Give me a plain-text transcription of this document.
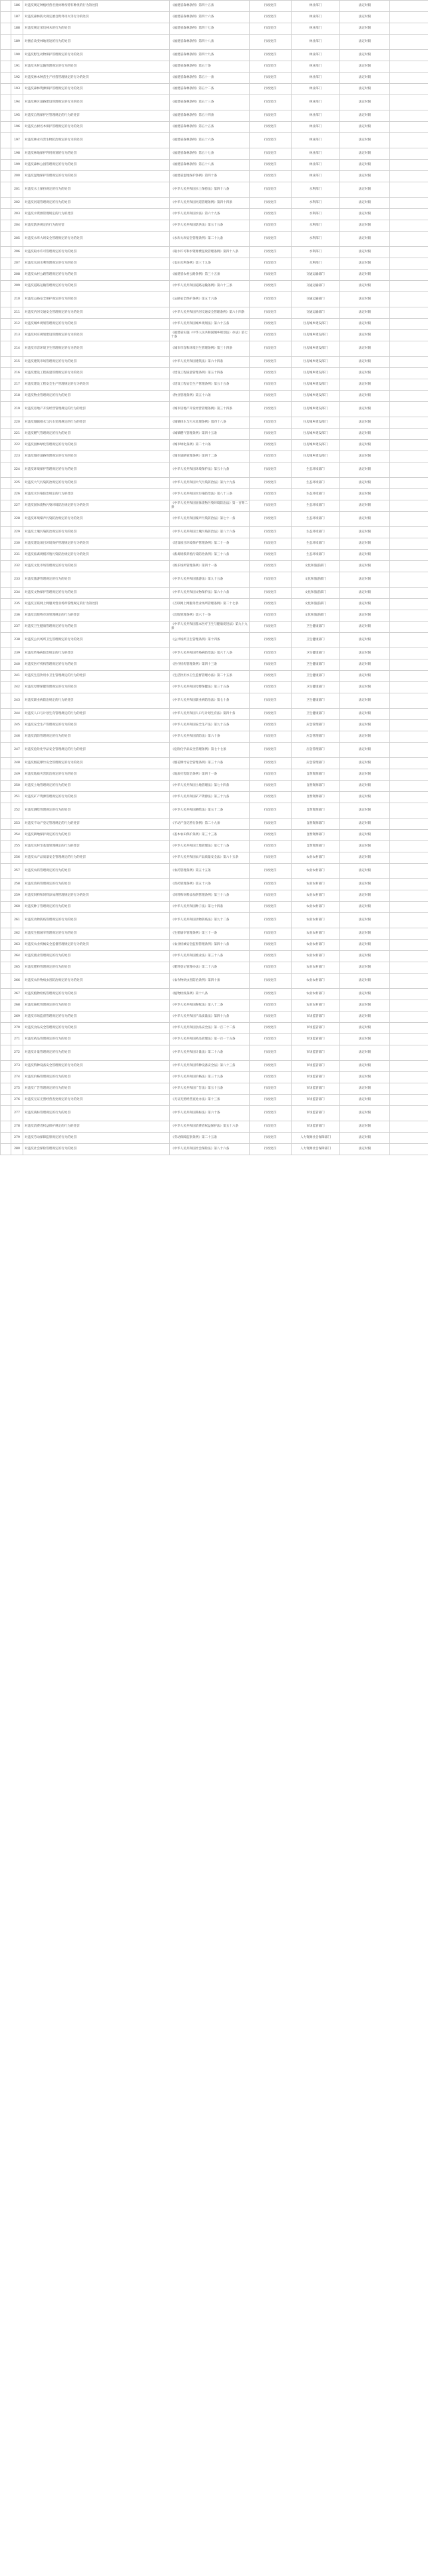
	186	对违反规定种植经营名贵树种及特有种类的行为的处罚	《福建省森林条例》第四十五条	行政处罚	林业部门	法定时限	
	187	对违反森林防火规定擅自野外用火等行为的处罚	《福建省森林条例》第四十六条	行政处罚	林业部门	法定时限	
	188	对违反规定采伐林木的行为的处罚	《福建省森林条例》第四十七条	行政处罚	林业部门	法定时限	
	189	对擅自改变林地用途的行为的处罚	《福建省森林条例》第四十八条	行政处罚	林业部门	法定时限	
	190	对违反野生动物保护管理规定的行为的处罚	《福建省森林条例》第四十九条	行政处罚	林业部门	法定时限	
	191	对违反木材运输管理规定的行为的处罚	《福建省森林条例》第五十条	行政处罚	林业部门	法定时限	
	192	对违反林木种苗生产经营管理规定的行为的处罚	《福建省森林条例》第五十一条	行政处罚	林业部门	法定时限	
	193	对违反森林资源保护管理规定的行为的处罚	《福建省森林条例》第五十二条	行政处罚	林业部门	法定时限	
	194	对违反林区道路建设管理规定的行为的处罚	《福建省森林条例》第五十三条	行政处罚	林业部门	法定时限	
	195	对违反自然保护区管理规定的行为的处罚	《福建省森林条例》第五十四条	行政处罚	林业部门	法定时限	
	196	对违反古树名木保护管理规定的行为的处罚	《福建省森林条例》第五十五条	行政处罚	林业部门	法定时限	
	197	对违反林业有害生物防治规定的行为的处罚	《福建省森林条例》第五十六条	行政处罚	林业部门	法定时限	
	198	对违反林地保护利用规划的行为的处罚	《福建省森林条例》第五十七条	行政处罚	林业部门	法定时限	
	199	对违反森林公园管理规定的行为的处罚	《福建省森林条例》第五十八条	行政处罚	林业部门	法定时限	
	200	对违反湿地保护管理规定的行为的处罚	《福建省湿地保护条例》第四十条	行政处罚	林业部门	法定时限	
	201	对违反水土保持规定的行为的处罚	《中华人民共和国水土保持法》第四十八条	行政处罚	水利部门	法定时限	
	202	对违反河道管理规定的行为的处罚	《中华人民共和国河道管理条例》第四十四条	行政处罚	水利部门	法定时限	
	203	对违反水资源管理规定的行为的处罚	《中华人民共和国水法》第六十九条	行政处罚	水利部门	法定时限	
	204	对违反防洪规定的行为的处罚	《中华人民共和国防洪法》第五十五条	行政处罚	水利部门	法定时限	
	205	对违反水库大坝安全管理规定的行为的处罚	《水库大坝安全管理条例》第二十九条	行政处罚	水利部门	法定时限	
	206	对违反取水许可管理规定的行为的处罚	《取水许可和水资源费征收管理条例》第四十八条	行政处罚	水利部门	法定时限	
	207	对违反农田水利管理规定的行为的处罚	《农田水利条例》第三十九条	行政处罚	水利部门	法定时限	
	208	对违反农村公路管理规定的行为的处罚	《福建省农村公路条例》第三十五条	行政处罚	交通运输部门	法定时限	
	209	对违反道路运输管理规定的行为的处罚	《中华人民共和国道路运输条例》第六十三条	行政处罚	交通运输部门	法定时限	
	210	对违反公路安全保护规定的行为的处罚	《公路安全保护条例》第五十六条	行政处罚	交通运输部门	法定时限	
	211	对违反内河交通安全管理规定的行为的处罚	《中华人民共和国内河交通安全管理条例》第六十四条	行政处罚	交通运输部门	法定时限	
	212	对违反城乡规划管理规定的行为的处罚	《中华人民共和国城乡规划法》第六十五条	行政处罚	住房城乡建设部门	法定时限	
	213	对违反村庄规划建设管理规定的行为的处罚	《福建省实施〈中华人民共和国城乡规划法〉办法》第七十条	行政处罚	住房城乡建设部门	法定时限	
	214	对违反市容环境卫生管理规定的行为的处罚	《城市市容和环境卫生管理条例》第三十四条	行政处罚	住房城乡建设部门	法定时限	
	215	对违反建筑市场管理规定的行为的处罚	《中华人民共和国建筑法》第六十四条	行政处罚	住房城乡建设部门	法定时限	
	216	对违反建设工程质量管理规定的行为的处罚	《建设工程质量管理条例》第五十四条	行政处罚	住房城乡建设部门	法定时限	
	217	对违反建设工程安全生产管理规定的行为的处罚	《建设工程安全生产管理条例》第五十五条	行政处罚	住房城乡建设部门	法定时限	
	218	对违反物业管理规定的行为的处罚	《物业管理条例》第五十六条	行政处罚	住房城乡建设部门	法定时限	
	219	对违反房地产开发经营管理规定的行为的处罚	《城市房地产开发经营管理条例》第三十四条	行政处罚	住房城乡建设部门	法定时限	
	220	对违反城镇排水与污水处理规定的行为的处罚	《城镇排水与污水处理条例》第四十八条	行政处罚	住房城乡建设部门	法定时限	
	221	对违反燃气管理规定的行为的处罚	《城镇燃气管理条例》第四十五条	行政处罚	住房城乡建设部门	法定时限	
	222	对违反园林绿化管理规定的行为的处罚	《城市绿化条例》第二十六条	行政处罚	住房城乡建设部门	法定时限	
	223	对违反城市道路管理规定的行为的处罚	《城市道路管理条例》第四十二条	行政处罚	住房城乡建设部门	法定时限	
	224	对违反环境保护管理规定的行为的处罚	《中华人民共和国环境保护法》第五十九条	行政处罚	生态环境部门	法定时限	
	225	对违反大气污染防治规定的行为的处罚	《中华人民共和国大气污染防治法》第九十九条	行政处罚	生态环境部门	法定时限	
	226	对违反水污染防治规定的行为的处罚	《中华人民共和国水污染防治法》第八十三条	行政处罚	生态环境部门	法定时限	
	227	对违反固体废物污染环境防治规定的行为的处罚	《中华人民共和国固体废物污染环境防治法》第一百零二条	行政处罚	生态环境部门	法定时限	
	228	对违反环境噪声污染防治规定的行为的处罚	《中华人民共和国噪声污染防治法》第七十一条	行政处罚	生态环境部门	法定时限	
	229	对违反土壤污染防治规定的行为的处罚	《中华人民共和国土壤污染防治法》第八十六条	行政处罚	生态环境部门	法定时限	
	230	对违反建设项目环境保护管理规定的行为的处罚	《建设项目环境保护管理条例》第二十一条	行政处罚	生态环境部门	法定时限	
	231	对违反畜禽规模养殖污染防治规定的行为的处罚	《畜禽规模养殖污染防治条例》第三十八条	行政处罚	生态环境部门	法定时限	
	232	对违反文化市场管理规定的行为的处罚	《娱乐场所管理条例》第四十一条	行政处罚	文化和旅游部门	法定时限	
	233	对违反旅游管理规定的行为的处罚	《中华人民共和国旅游法》第九十五条	行政处罚	文化和旅游部门	法定时限	
	234	对违反文物保护管理规定的行为的处罚	《中华人民共和国文物保护法》第六十六条	行政处罚	文化和旅游部门	法定时限	
	235	对违反互联网上网服务营业场所管理规定的行为的处罚	《互联网上网服务营业场所管理条例》第二十七条	行政处罚	文化和旅游部门	法定时限	
	236	对违反出版物市场管理规定的行为的处罚	《出版管理条例》第六十一条	行政处罚	文化和旅游部门	法定时限	
	237	对违反卫生健康管理规定的行为的处罚	《中华人民共和国基本医疗卫生与健康促进法》第九十九条	行政处罚	卫生健康部门	法定时限	
	238	对违反公共场所卫生管理规定的行为的处罚	《公共场所卫生管理条例》第十四条	行政处罚	卫生健康部门	法定时限	
	239	对违反传染病防治规定的行为的处罚	《中华人民共和国传染病防治法》第六十八条	行政处罚	卫生健康部门	法定时限	
	240	对违反医疗机构管理规定的行为的处罚	《医疗机构管理条例》第四十三条	行政处罚	卫生健康部门	法定时限	
	241	对违反生活饮用水卫生管理规定的行为的处罚	《生活饮用水卫生监督管理办法》第二十五条	行政处罚	卫生健康部门	法定时限	
	242	对违反母婴保健管理规定的行为的处罚	《中华人民共和国母婴保健法》第三十五条	行政处罚	卫生健康部门	法定时限	
	243	对违反职业病防治规定的行为的处罚	《中华人民共和国职业病防治法》第七十条	行政处罚	卫生健康部门	法定时限	
	244	对违反人口与计划生育管理规定的行为的处罚	《中华人民共和国人口与计划生育法》第四十条	行政处罚	卫生健康部门	法定时限	
	245	对违反安全生产管理规定的行为的处罚	《中华人民共和国安全生产法》第九十五条	行政处罚	应急管理部门	法定时限	
	246	对违反消防管理规定的行为的处罚	《中华人民共和国消防法》第六十条	行政处罚	应急管理部门	法定时限	
	247	对违反危险化学品安全管理规定的行为的处罚	《危险化学品安全管理条例》第七十七条	行政处罚	应急管理部门	法定时限	
	248	对违反烟花爆竹安全管理规定的行为的处罚	《烟花爆竹安全管理条例》第三十六条	行政处罚	应急管理部门	法定时限	
	249	对违反地质灾害防治规定的行为的处罚	《地质灾害防治条例》第四十一条	行政处罚	自然资源部门	法定时限	
	250	对违反土地管理规定的行为的处罚	《中华人民共和国土地管理法》第七十四条	行政处罚	自然资源部门	法定时限	
	251	对违反矿产资源管理规定的行为的处罚	《中华人民共和国矿产资源法》第三十九条	行政处罚	自然资源部门	法定时限	
	252	对违反测绘管理规定的行为的处罚	《中华人民共和国测绘法》第五十二条	行政处罚	自然资源部门	法定时限	
	253	对违反不动产登记管理规定的行为的处罚	《不动产登记暂行条例》第二十九条	行政处罚	自然资源部门	法定时限	
	254	对违反耕地保护规定的行为的处罚	《基本农田保护条例》第三十三条	行政处罚	自然资源部门	法定时限	
	255	对违反农村宅基地管理规定的行为的处罚	《中华人民共和国土地管理法》第七十八条	行政处罚	自然资源部门	法定时限	
	256	对违反农产品质量安全管理规定的行为的处罚	《中华人民共和国农产品质量安全法》第六十五条	行政处罚	农业农村部门	法定时限	
	257	对违反农药管理规定的行为的处罚	《农药管理条例》第五十五条	行政处罚	农业农村部门	法定时限	
	258	对违反兽药管理规定的行为的处罚	《兽药管理条例》第五十六条	行政处罚	农业农村部门	法定时限	
	259	对违反饲料和饲料添加剂管理规定的行为的处罚	《饲料和饲料添加剂管理条例》第三十八条	行政处罚	农业农村部门	法定时限	
	260	对违反种子管理规定的行为的处罚	《中华人民共和国种子法》第七十四条	行政处罚	农业农村部门	法定时限	
	261	对违反动物防疫管理规定的行为的处罚	《中华人民共和国动物防疫法》第九十二条	行政处罚	农业农村部门	法定时限	
	262	对违反生猪屠宰管理规定的行为的处罚	《生猪屠宰管理条例》第三十一条	行政处罚	农业农村部门	法定时限	
	263	对违反农业机械安全监督管理规定的行为的处罚	《农业机械安全监督管理条例》第四十八条	行政处罚	农业农村部门	法定时限	
	264	对违反渔业管理规定的行为的处罚	《中华人民共和国渔业法》第三十八条	行政处罚	农业农村部门	法定时限	
	265	对违反肥料管理规定的行为的处罚	《肥料登记管理办法》第二十六条	行政处罚	农业农村部门	法定时限	
	266	对违反农作物病虫害防治规定的行为的处罚	《农作物病虫害防治条例》第四十条	行政处罚	农业农村部门	法定时限	
	267	对违反植物检疫管理规定的行为的处罚	《植物检疫条例》第十八条	行政处罚	农业农村部门	法定时限	
	268	对违反畜牧管理规定的行为的处罚	《中华人民共和国畜牧法》第八十二条	行政处罚	农业农村部门	法定时限	
	269	对违反市场监督管理规定的行为的处罚	《中华人民共和国产品质量法》第四十九条	行政处罚	市场监管部门	法定时限	
	270	对违反食品安全管理规定的行为的处罚	《中华人民共和国食品安全法》第一百二十二条	行政处罚	市场监管部门	法定时限	
	271	对违反药品管理规定的行为的处罚	《中华人民共和国药品管理法》第一百一十五条	行政处罚	市场监管部门	法定时限	
	272	对违反计量管理规定的行为的处罚	《中华人民共和国计量法》第二十六条	行政处罚	市场监管部门	法定时限	
	273	对违反特种设备安全管理规定的行为的处罚	《中华人民共和国特种设备安全法》第八十三条	行政处罚	市场监管部门	法定时限	
	274	对违反价格管理规定的行为的处罚	《中华人民共和国价格法》第三十九条	行政处罚	市场监管部门	法定时限	
	275	对违反广告管理规定的行为的处罚	《中华人民共和国广告法》第五十五条	行政处罚	市场监管部门	法定时限	
	276	对违反无证无照经营查处规定的行为的处罚	《无证无照经营查处办法》第十三条	行政处罚	市场监管部门	法定时限	
	277	对违反商标管理规定的行为的处罚	《中华人民共和国商标法》第六十条	行政处罚	市场监管部门	法定时限	
	278	对违反消费者权益保护规定的行为的处罚	《中华人民共和国消费者权益保护法》第五十六条	行政处罚	市场监管部门	法定时限	
	279	对违反劳动保障监察规定的行为的处罚	《劳动保障监察条例》第二十五条	行政处罚	人力资源社会保障部门	法定时限	
	280	对违反社会保险管理规定的行为的处罚	《中华人民共和国社会保险法》第八十六条	行政处罚	人力资源社会保障部门	法定时限	
